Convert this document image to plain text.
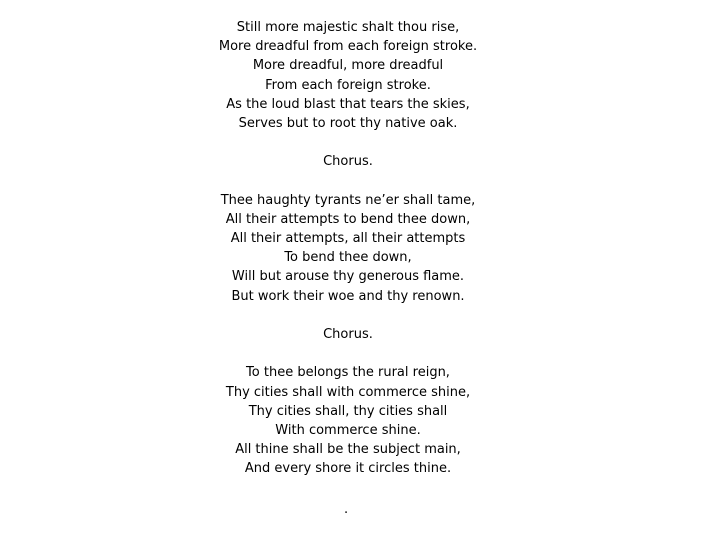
Still more majestic shalt thou rise,
More dreadful from each foreign stroke.
More dreadful, more dreadful
From each foreign stroke.
As the loud blast that tears the skies,
Serves but to root thy native oak.
Chorus.
Thee haughty tyrants ne’er shall tame,
All their attempts to bend thee down,
All their attempts, all their attempts
To bend thee down,
Will but arouse thy generous flame.
But work their woe and thy renown.
Chorus.
To thee belongs the rural reign,
Thy cities shall with commerce shine,
Thy cities shall, thy cities shall
With commerce shine.
All thine shall be the subject main,
And every shore it circles thine.
.
